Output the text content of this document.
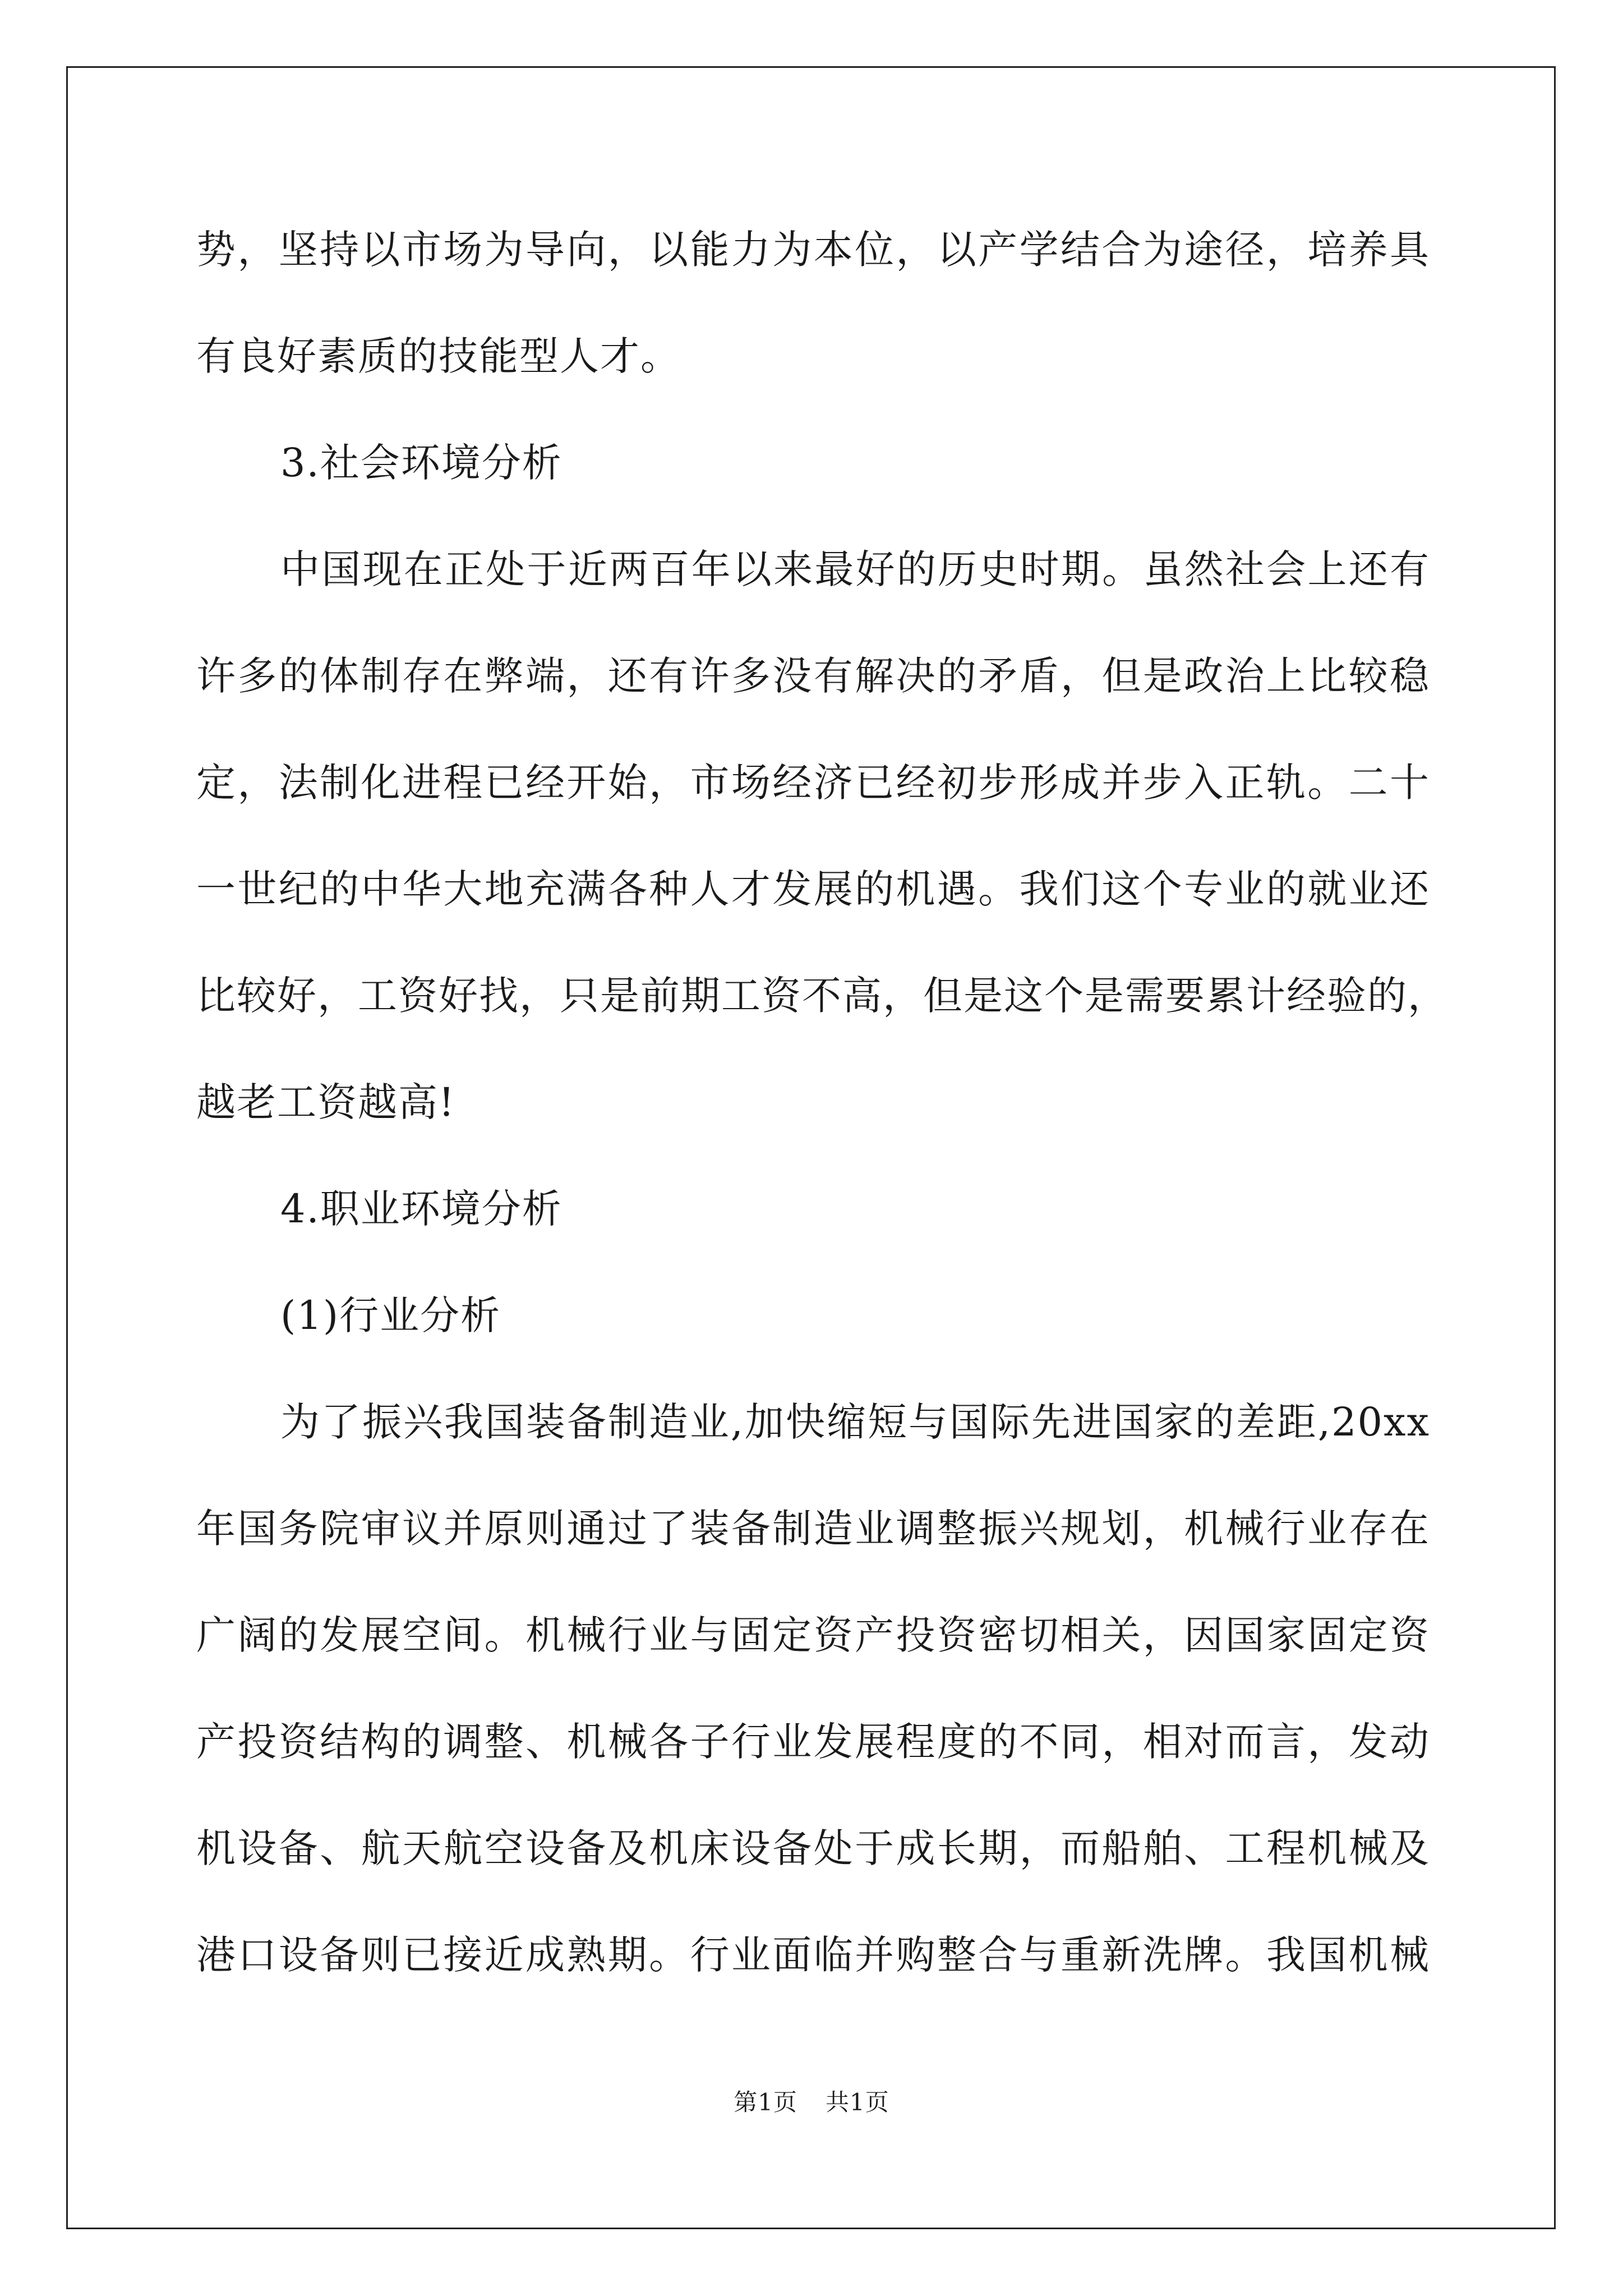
势，坚持以市场为导向，以能力为本位，以产学结合为途径，培养具
有良好素质的技能型人才。
3.社会环境分析
中国现在正处于近两百年以来最好的历史时期。虽然社会上还有
许多的体制存在弊端，还有许多没有解决的矛盾，但是政治上比较稳
定，法制化进程已经开始，市场经济已经初步形成并步入正轨。二十
一世纪的中华大地充满各种人才发展的机遇。我们这个专业的就业还
比较好，工资好找，只是前期工资不高，但是这个是需要累计经验的，
越老工资越高!
4.职业环境分析
(1)行业分析
为了振兴我国装备制造业,加快缩短与国际先进国家的差距,20xx
年国务院审议并原则通过了装备制造业调整振兴规划，机械行业存在
广阔的发展空间。机械行业与固定资产投资密切相关，因国家固定资
产投资结构的调整、机械各子行业发展程度的不同，相对而言，发动
机设备、航天航空设备及机床设备处于成长期，而船舶、工程机械及
港口设备则已接近成熟期。行业面临并购整合与重新洗牌。我国机械
第1页 共1页
